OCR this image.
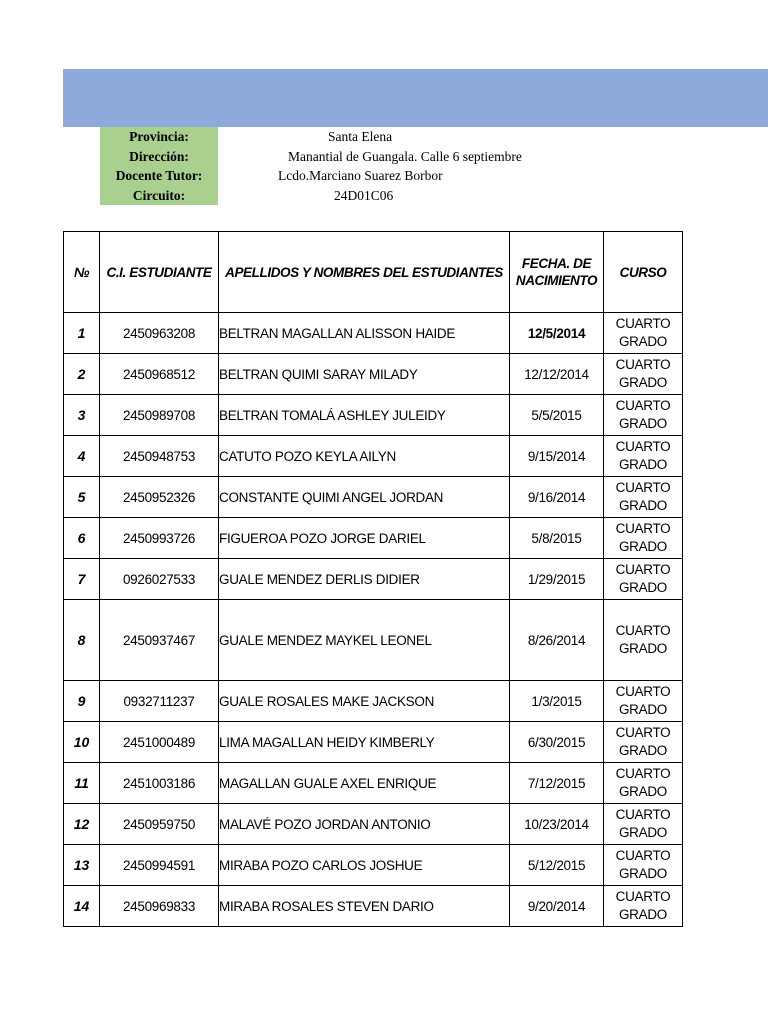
Provincia:	Santa Elena
Dirección:	Manantial de Guangala. Calle 6 septiembre
Docente Tutor:	Lcdo.Marciano Suarez Borbor
Circuito:	24D01C06
№	C.I. ESTUDIANTE	APELLIDOS Y NOMBRES DEL ESTUDIANTES	FECHA. DE NACIMIENTO	CURSO
1	2450963208	BELTRAN MAGALLAN ALISSON HAIDE	12/5/2014	CUARTO GRADO
2	2450968512	BELTRAN QUIMI SARAY MILADY	12/12/2014	CUARTO GRADO
3	2450989708	BELTRAN TOMALÁ ASHLEY JULEIDY	5/5/2015	CUARTO GRADO
4	2450948753	CATUTO POZO KEYLA AILYN	9/15/2014	CUARTO GRADO
5	2450952326	CONSTANTE QUIMI ANGEL JORDAN	9/16/2014	CUARTO GRADO
6	2450993726	FIGUEROA POZO JORGE DARIEL	5/8/2015	CUARTO GRADO
7	0926027533	GUALE MENDEZ DERLIS DIDIER	1/29/2015	CUARTO GRADO
8	2450937467	GUALE MENDEZ MAYKEL LEONEL	8/26/2014	CUARTO GRADO
9	0932711237	GUALE ROSALES MAKE JACKSON	1/3/2015	CUARTO GRADO
10	2451000489	LIMA MAGALLAN HEIDY KIMBERLY	6/30/2015	CUARTO GRADO
11	2451003186	MAGALLAN GUALE AXEL ENRIQUE	7/12/2015	CUARTO GRADO
12	2450959750	MALAVÉ POZO JORDAN ANTONIO	10/23/2014	CUARTO GRADO
13	2450994591	MIRABA POZO CARLOS JOSHUE	5/12/2015	CUARTO GRADO
14	2450969833	MIRABA ROSALES STEVEN DARIO	9/20/2014	CUARTO GRADO
